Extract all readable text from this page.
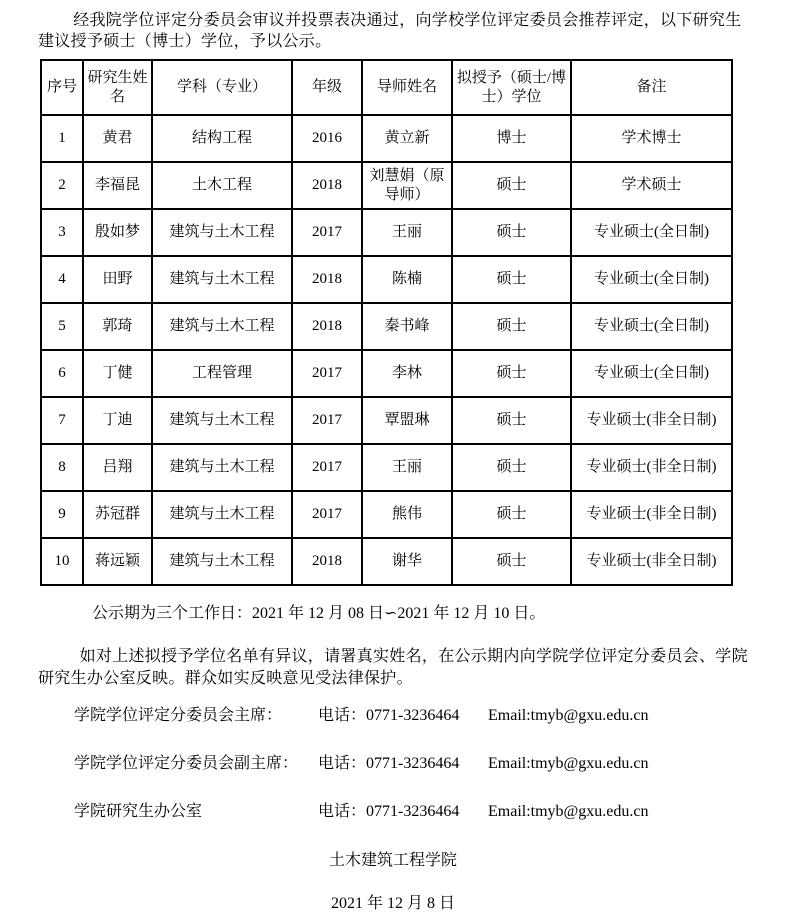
经我院学位评定分委员会审议并投票表决通过，向学校学位评定委员会推荐评定，以下研究生建议授予硕士（博士）学位，予以公示。

序号	研究生姓名	学科（专业）	年级	导师姓名	拟授予（硕士/博士）学位	备注
1	黄君	结构工程	2016	黄立新	博士	学术博士
2	李福昆	土木工程	2018	刘慧娟（原导师）	硕士	学术硕士
3	殷如梦	建筑与土木工程	2017	王丽	硕士	专业硕士(全日制)
4	田野	建筑与土木工程	2018	陈楠	硕士	专业硕士(全日制)
5	郭琦	建筑与土木工程	2018	秦书峰	硕士	专业硕士(全日制)
6	丁健	工程管理	2017	李林	硕士	专业硕士(全日制)
7	丁迪	建筑与土木工程	2017	覃盟琳	硕士	专业硕士(非全日制)
8	吕翔	建筑与土木工程	2017	王丽	硕士	专业硕士(非全日制)
9	苏冠群	建筑与土木工程	2017	熊伟	硕士	专业硕士(非全日制)
10	蒋远颖	建筑与土木工程	2018	谢华	硕士	专业硕士(非全日制)

公示期为三个工作日：2021 年 12 月 08 日∽2021 年 12 月 10 日。

如对上述拟授予学位名单有异议，请署真实姓名，在公示期内向学院学位评定分委员会、学院研究生办公室反映。群众如实反映意见受法律保护。

学院学位评定分委员会主席：	电话：0771-3236464	Email:tmyb@gxu.edu.cn
学院学位评定分委员会副主席：	电话：0771-3236464	Email:tmyb@gxu.edu.cn
学院研究生办公室	电话：0771-3236464	Email:tmyb@gxu.edu.cn
土木建筑工程学院
2021 年 12 月 8 日
